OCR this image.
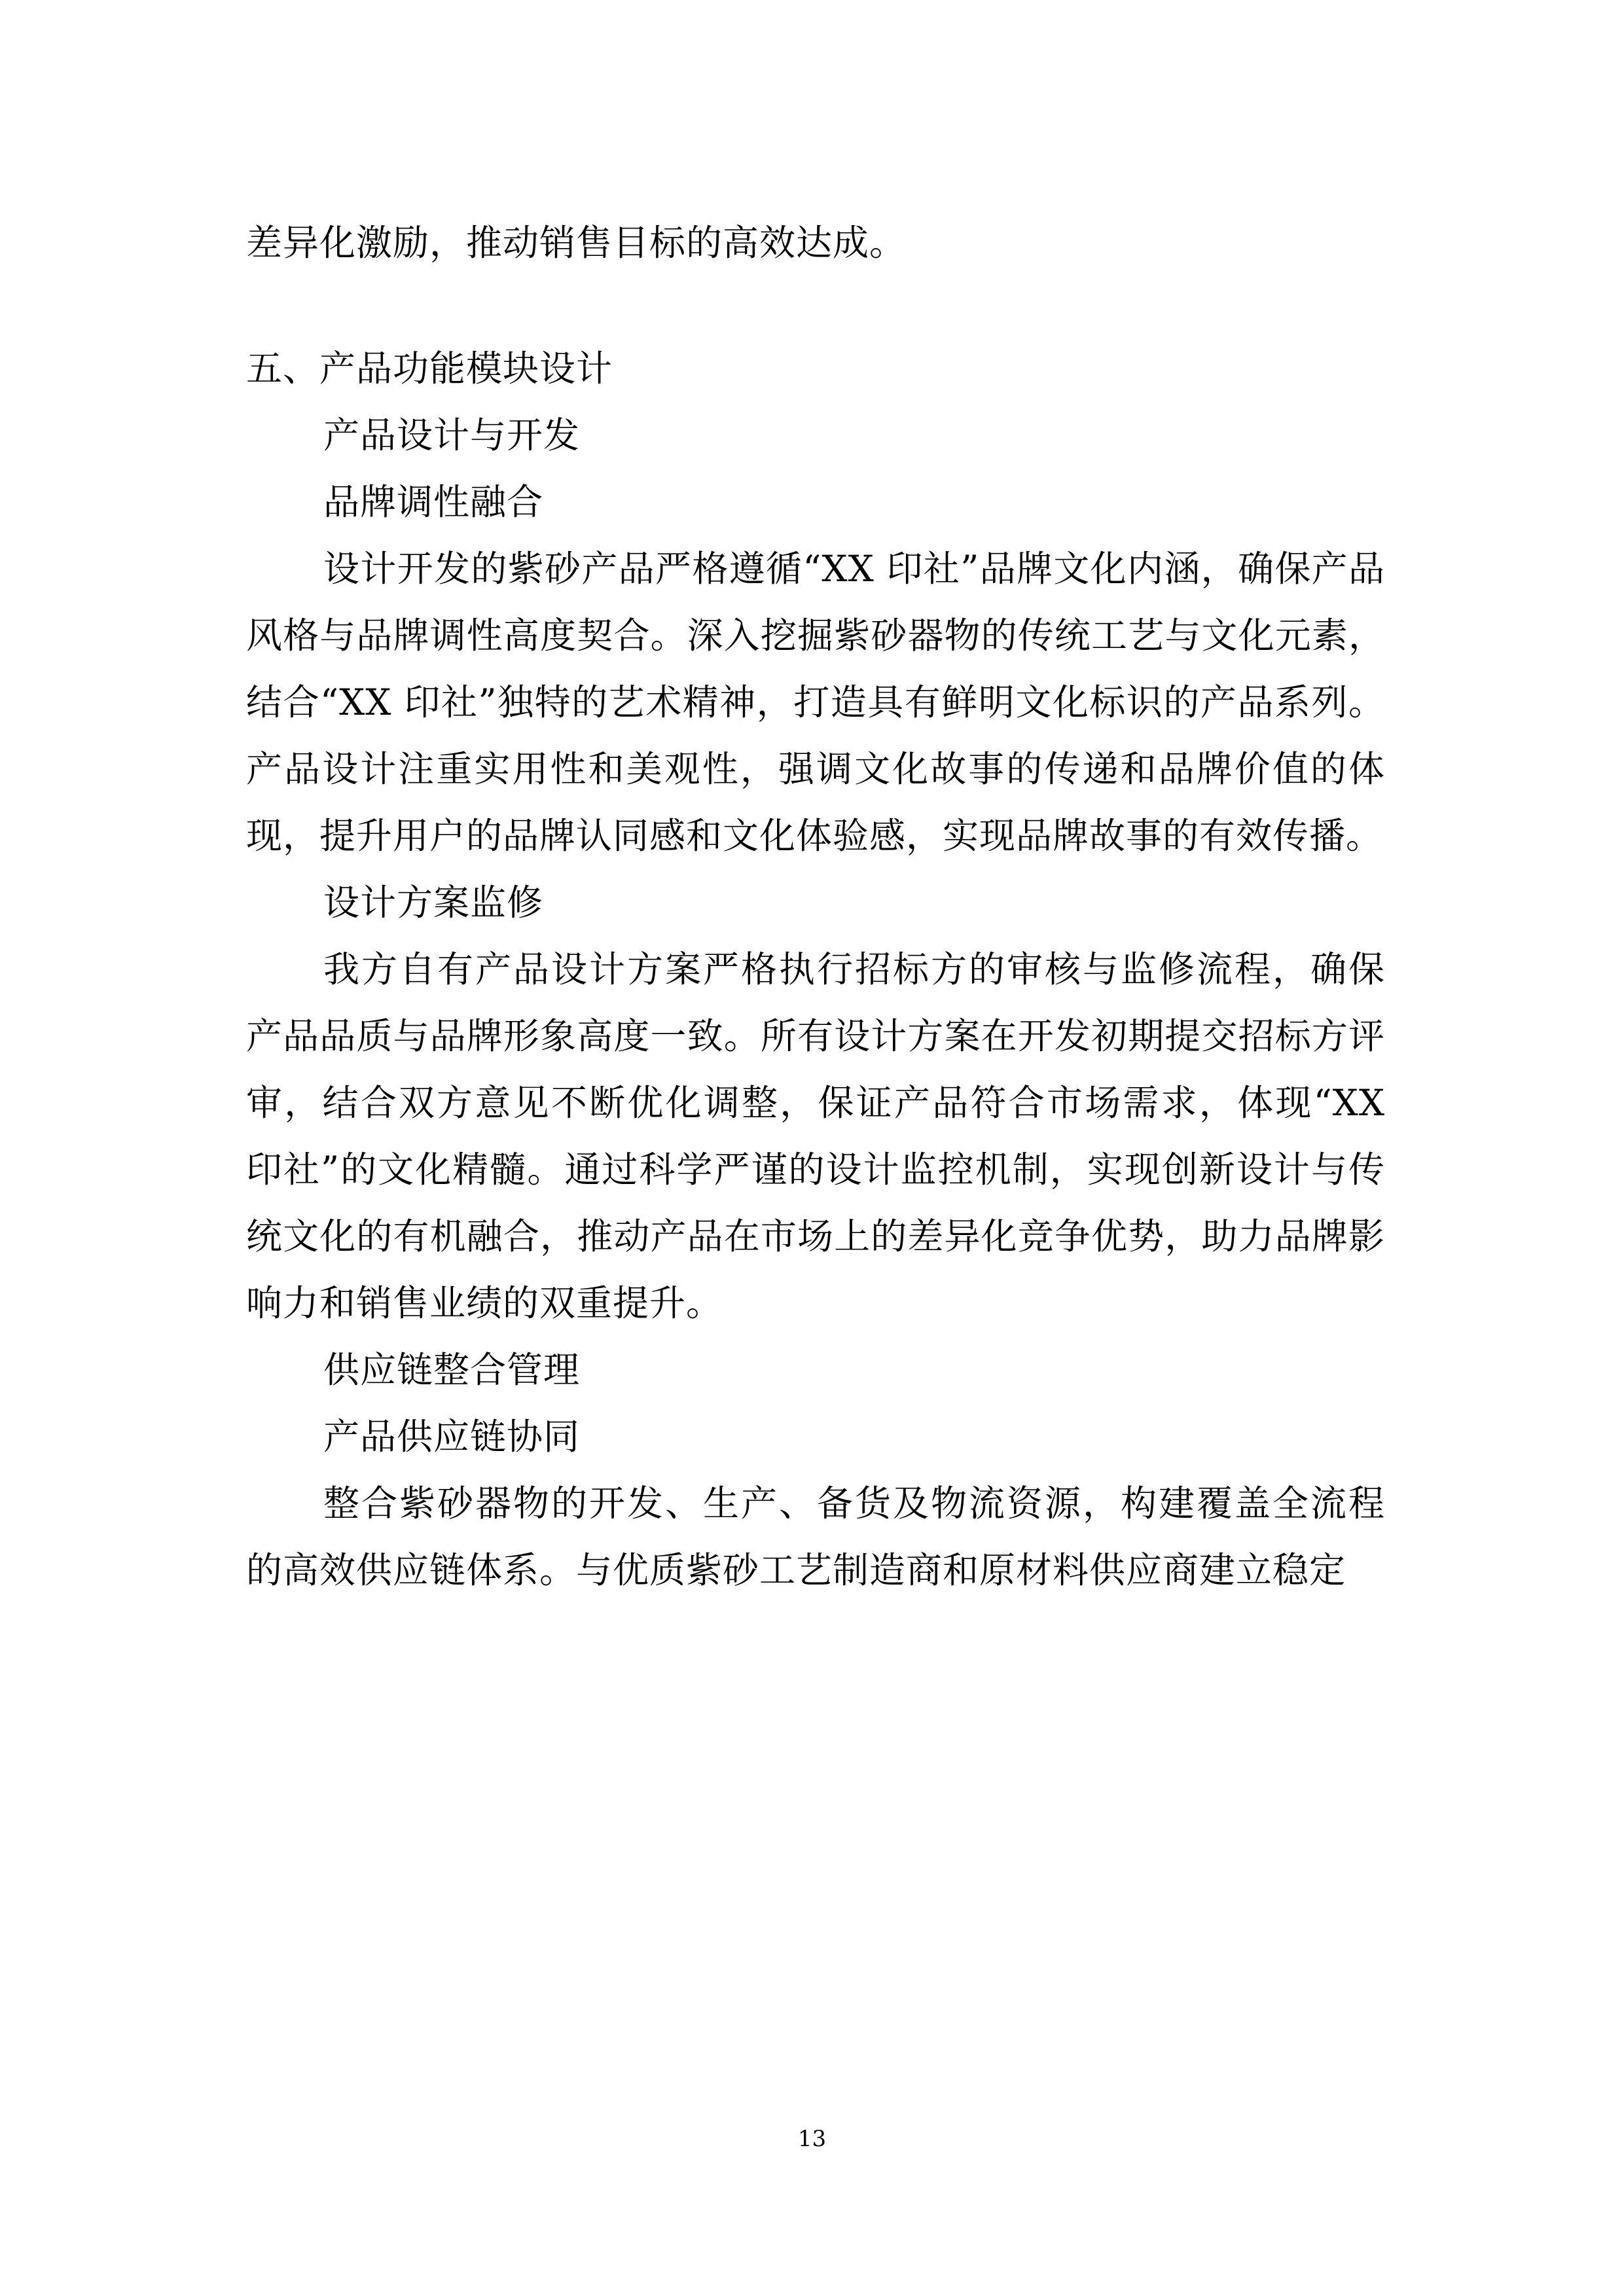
差异化激励，推动销售目标的高效达成。

五、产品功能模块设计

产品设计与开发

品牌调性融合

设计开发的紫砂产品严格遵循“XX 印社”品牌文化内涵，确保产品风格与品牌调性高度契合。深入挖掘紫砂器物的传统工艺与文化元素，结合“XX 印社”独特的艺术精神，打造具有鲜明文化标识的产品系列。产品设计注重实用性和美观性，强调文化故事的传递和品牌价值的体现，提升用户的品牌认同感和文化体验感，实现品牌故事的有效传播。

设计方案监修

我方自有产品设计方案严格执行招标方的审核与监修流程，确保产品品质与品牌形象高度一致。所有设计方案在开发初期提交招标方评审，结合双方意见不断优化调整，保证产品符合市场需求，体现“XX 印社”的文化精髓。通过科学严谨的设计监控机制，实现创新设计与传统文化的有机融合，推动产品在市场上的差异化竞争优势，助力品牌影响力和销售业绩的双重提升。

供应链整合管理

产品供应链协同

整合紫砂器物的开发、生产、备货及物流资源，构建覆盖全流程的高效供应链体系。与优质紫砂工艺制造商和原材料供应商建立稳定

13
